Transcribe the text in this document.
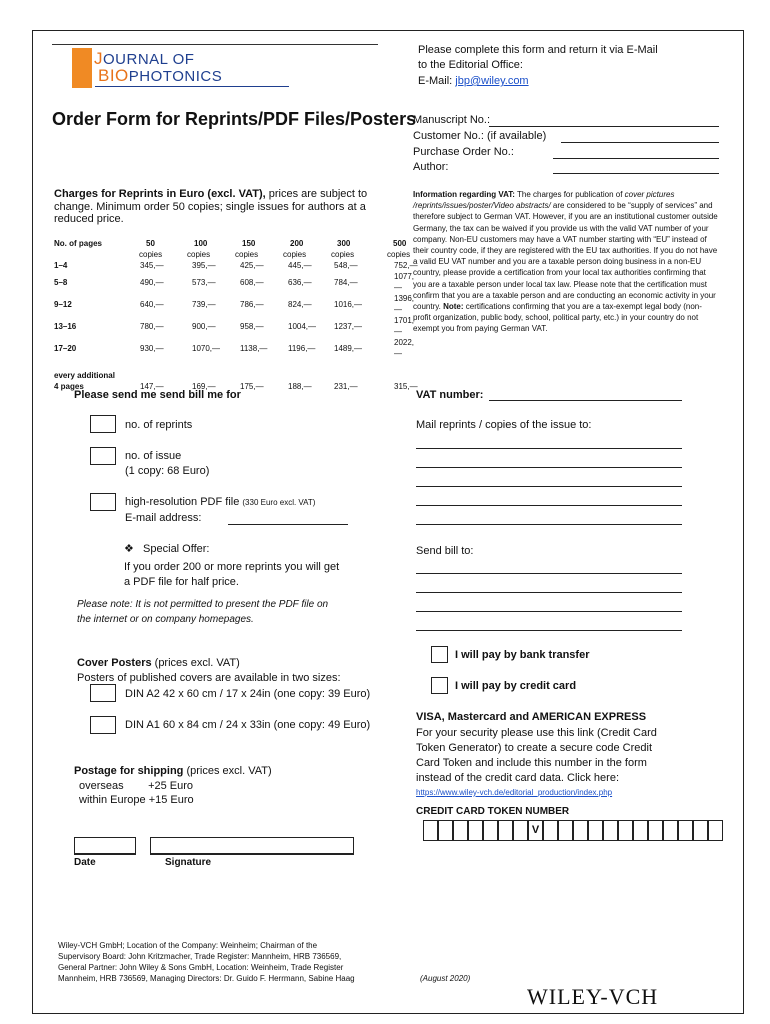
JOURNAL OF
BIOPHOTONICS
Please complete this form and return it via E-Mail
to the Editorial Office:
E-Mail: jbp@wiley.com
Order Form for Reprints/PDF Files/Posters
Manuscript No.:
Customer No.: (if available)
Purchase Order No.:
Author:
Charges for Reprints in Euro (excl. VAT), prices are subject to
change. Minimum order 50 copies; single issues for authors at a
reduced price.
No. of pages	50	100	150	200	300	500
	copies	copies	copies	copies	copies	copies
1–4	345,—	395,—	425,—	445,—	548,—	752,—
5–8	490,—	573,—	608,—	636,—	784,—	1077,—
9–12	640,—	739,—	786,—	824,—	1016,—	1396,—
13–16	780,—	900,—	958,—	1004,—	1237,—	1701,—
17–20	930,—	1070,—	1138,—	1196,—	1489,—	2022,—

every additional	147,—	169,—	175,—	188,—	231,—	315,—
4 pages						
Information regarding VAT: The charges for publication of cover pictures /reprints/issues/poster/Video abstracts/ are considered to be “supply of services” and therefore subject to German VAT. However, if you are an institutional customer outside Germany, the tax can be waived if you provide us with the valid VAT number of your company. Non-EU customers may have a VAT number starting with “EU” instead of their country code, if they are registered with the EU tax authorities. If you do not have a valid EU VAT number and you are a taxable person doing business in a non-EU country, please provide a certification from your local tax authorities confirming that you are a taxable person under local tax law. Please note that the certification must confirm that you are a taxable person and are conducting an economic activity in your country. Note: certifications confirming that you are a tax-exempt legal body (non-profit organization, public body, school, political party, etc.) in your country do not exempt you from paying German VAT.
Please send me send bill me for
no. of reprints
no. of issue
(1 copy: 68 Euro)
high-resolution PDF file (330 Euro excl. VAT)
E-mail address:
❖ Special Offer:
If you order 200 or more reprints you will get
a PDF file for half price.
Please note: It is not permitted to present the PDF file on
the internet or on company homepages.
Cover Posters (prices excl. VAT)
Posters of published covers are available in two sizes:
DIN A2 42 x 60 cm / 17 x 24in (one copy: 39 Euro)
DIN A1 60 x 84 cm / 24 x 33in (one copy: 49 Euro)
Postage for shipping (prices excl. VAT)
overseas        +25 Euro
within Europe +15 Euro
Date	Signature
VAT number:
Mail reprints / copies of the issue to:
Send bill to:
I will pay by bank transfer
I will pay by credit card
VISA, Mastercard and AMERICAN EXPRESS
For your security please use this link (Credit Card
Token Generator) to create a secure code Credit
Card Token and include this number in the form
instead of the credit card data. Click here:
https://www.wiley-vch.de/editorial_production/index.php
CREDIT CARD TOKEN NUMBER
V
Wiley-VCH GmbH; Location of the Company: Weinheim; Chairman of the
Supervisory Board: John Kritzmacher, Trade Register: Mannheim, HRB 736569,
General Partner: John Wiley & Sons GmbH, Location: Weinheim, Trade Register
Mannheim, HRB 736569, Managing Directors: Dr. Guido F. Herrmann, Sabine Haag	(August 2020)
WILEY-VCH
